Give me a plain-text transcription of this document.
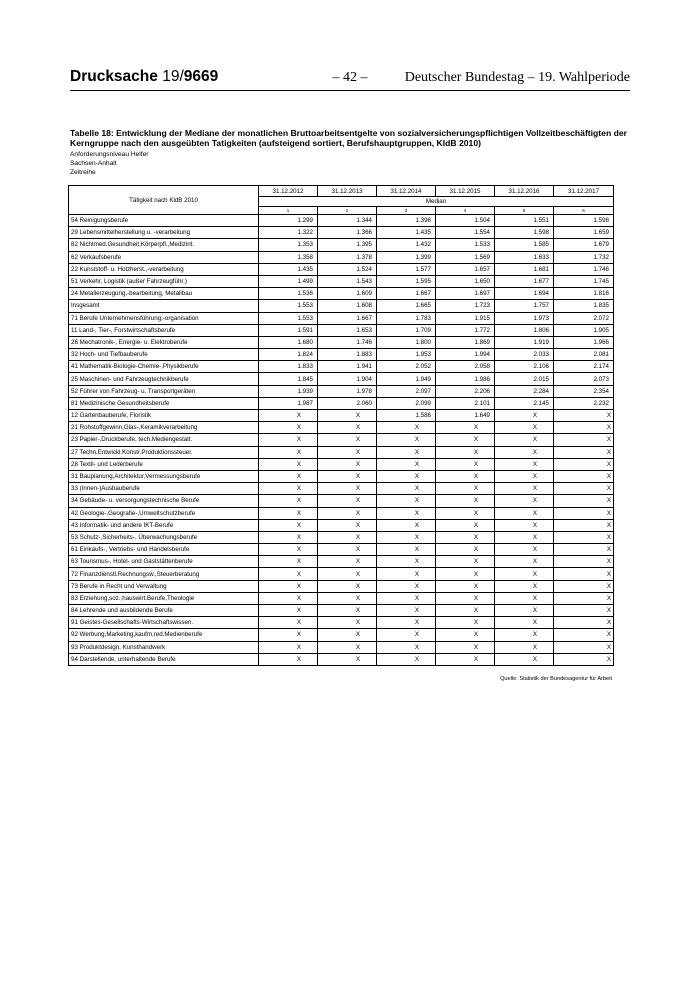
Drucksache 19/9669	– 42 –	Deutscher Bundestag – 19. Wahlperiode
Tabelle 18: Entwicklung der Mediane der monatlichen Bruttoarbeitsentgelte von sozialversicherungspflichtigen Vollzeitbeschäftigten der Kerngruppe nach den ausgeübten Tatigkeiten (aufsteigend sortiert, Berufshauptgruppen, KldB 2010)
Anforderungsniveau Helfer
Sachsen-Anhalt
Zeitreihe
Tätigkeit nach KldB 2010	31.12.2012	31.12.2013	31.12.2014	31.12.2015	31.12.2016	31.12.2017
	Median					
	1	2	3	4	5	6
54 Reinigungsberufe	1.299	1.344	1.396	1.504	1.551	1.598
29 Lebensmittelherstellung u. -verarbeitung	1.322	1.366	1.435	1.554	1.598	1.659
82 Nichtmed.Gesundheit,Körperpfl.,Medizint.	1.353	1.395	1.432	1.533	1.585	1.679
62 Verkaufsberufe	1.358	1.378	1.399	1.569	1.633	1.732
22 Kunststoff- u. Holzherst.,-verarbeitung	1.435	1.524	1.577	1.657	1.681	1.746
51 Verkehr, Logistik (außer Fahrzeugführ.)	1.499	1.543	1.595	1.650	1.677	1.745
24 Metallerzeugung,-bearbeitung, Metallbau	1.536	1.609	1.667	1.697	1.694	1.816
Insgesamt	1.553	1.608	1.665	1.723	1.757	1.835
71 Berufe Unternehmensführung,-organisation	1.553	1.667	1.783	1.915	1.973	2.072
11 Land-, Tier-, Forstwirtschaftsberufe	1.591	1.653	1.709	1.772	1.806	1.905
26 Mechatronik-, Energie- u. Elektroberufe	1.680	1.746	1.800	1.869	1.919	1.966
32 Hoch- und Tiefbauberufe	1.824	1.883	1.953	1.994	2.033	2.081
41 Mathematik-Biologie-Chemie-,Physikberufe	1.833	1.941	2.052	2.058	2.106	2.174
25 Maschinen- und Fahrzeugtechnikberufe	1.845	1.904	1.949	1.986	2.015	2.073
52 Führer von Fahrzeug- u. Transportgeräten	1.939	1.978	2.097	2.206	2.284	2.354
81 Medizinische Gesundheitsberufe	1.987	2.060	2.099	2.101	2.145	2.232
12 Gartenbauberufe, Floristik	X	X	1.586	1.649	X	X
21 Rohstoffgewinn,Glas-,Keramikverarbeitung	X	X	X	X	X	X
23 Papier-,Druckberufe, tech.Mediengestalt.	X	X	X	X	X	X
27 Techn.Entwickl.Konstr.Produktionssteuer.	X	X	X	X	X	X
28 Textil- und Lederberufe	X	X	X	X	X	X
31 Bauplanung,Architektur,Vermessungsberufe	X	X	X	X	X	X
33 (Innen-)Ausbauberufe	X	X	X	X	X	X
34 Gebäude- u. versorgungstechnische Berufe	X	X	X	X	X	X
42 Geologie-,Geografie-,Umweltschutzberufe	X	X	X	X	X	X
43 Informatik- und andere IKT-Berufe	X	X	X	X	X	X
53 Schutz-,Sicherheits-, Überwachungsberufe	X	X	X	X	X	X
61 Einkaufs-, Vertriebs- und Handelsberufe	X	X	X	X	X	X
63 Tourismus-, Hotel- und Gaststättenberufe	X	X	X	X	X	X
72 Finanzdienstl.Rechnungsw.,Steuerberatung	X	X	X	X	X	X
73 Berufe in Recht und Verwaltung	X	X	X	X	X	X
83 Erziehung,soz.,hauswirt.Berufe,Theologie	X	X	X	X	X	X
84 Lehrende und ausbildende Berufe	X	X	X	X	X	X
91 Geistes-Gesellschafts-Wirtschaftswissen.	X	X	X	X	X	X
92 Werbung,Marketing,kaufm,red.Medienberufe	X	X	X	X	X	X
93 Produktdesign, Kunsthandwerk	X	X	X	X	X	X
94 Darstellende, unterhaltende Berufe	X	X	X	X	X	X
Quelle: Statistik der Bundesagentur für Arbeit
